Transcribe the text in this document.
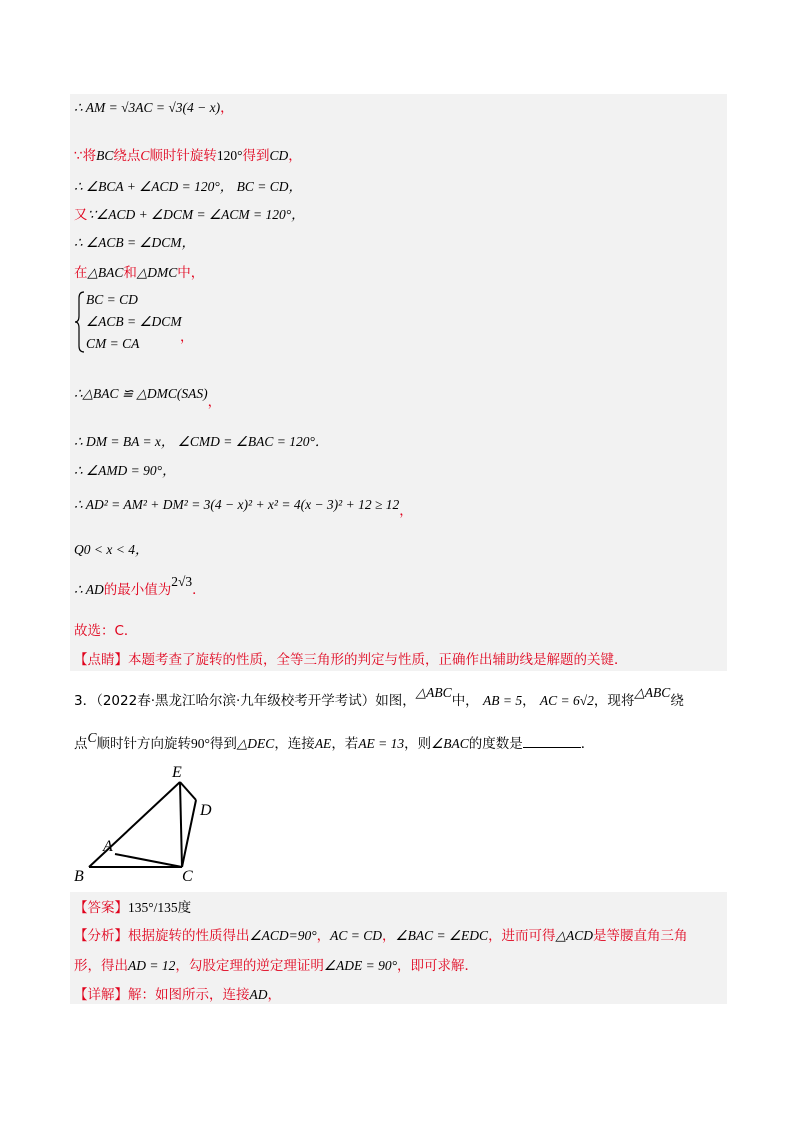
∴ AM = √3AC = √3(4 − x)，
∵将BC绕点C顺时针旋转120°得到CD，
∴ ∠BCA + ∠ACD = 120°， BC = CD，
又∵∠ACD + ∠DCM = ∠ACM = 120°，
∴ ∠ACB = ∠DCM，
在△BAC和△DMC中，
BC = CD
∠ACB = ∠DCM
CM = CA	，
∴△BAC ≌ △DMC(SAS)，
∴ DM = BA = x， ∠CMD = ∠BAC = 120°．
∴ ∠AMD = 90°，
∴ AD² = AM² + DM² = 3(4 − x)² + x² = 4(x − 3)² + 12 ≥ 12，
Q0 < x < 4，
∴ AD的最小值为2√3．
故选：C．
【点睛】本题考查了旋转的性质，全等三角形的判定与性质，正确作出辅助线是解题的关键．
3．（2022春·黑龙江哈尔滨·九年级校考开学考试）如图，△ABC中， AB = 5， AC = 6√2，现将△ABC绕
点C顺时针方向旋转90°得到△DEC，连接AE，若AE = 13，则∠BAC的度数是	．
E
D
A
B	C
【答案】135°/135度
【分析】根据旋转的性质得出∠ACD=90°，AC = CD，∠BAC = ∠EDC，进而可得△ACD是等腰直角三角
形，得出AD = 12，勾股定理的逆定理证明∠ADE = 90°，即可求解．
【详解】解：如图所示，连接AD，
